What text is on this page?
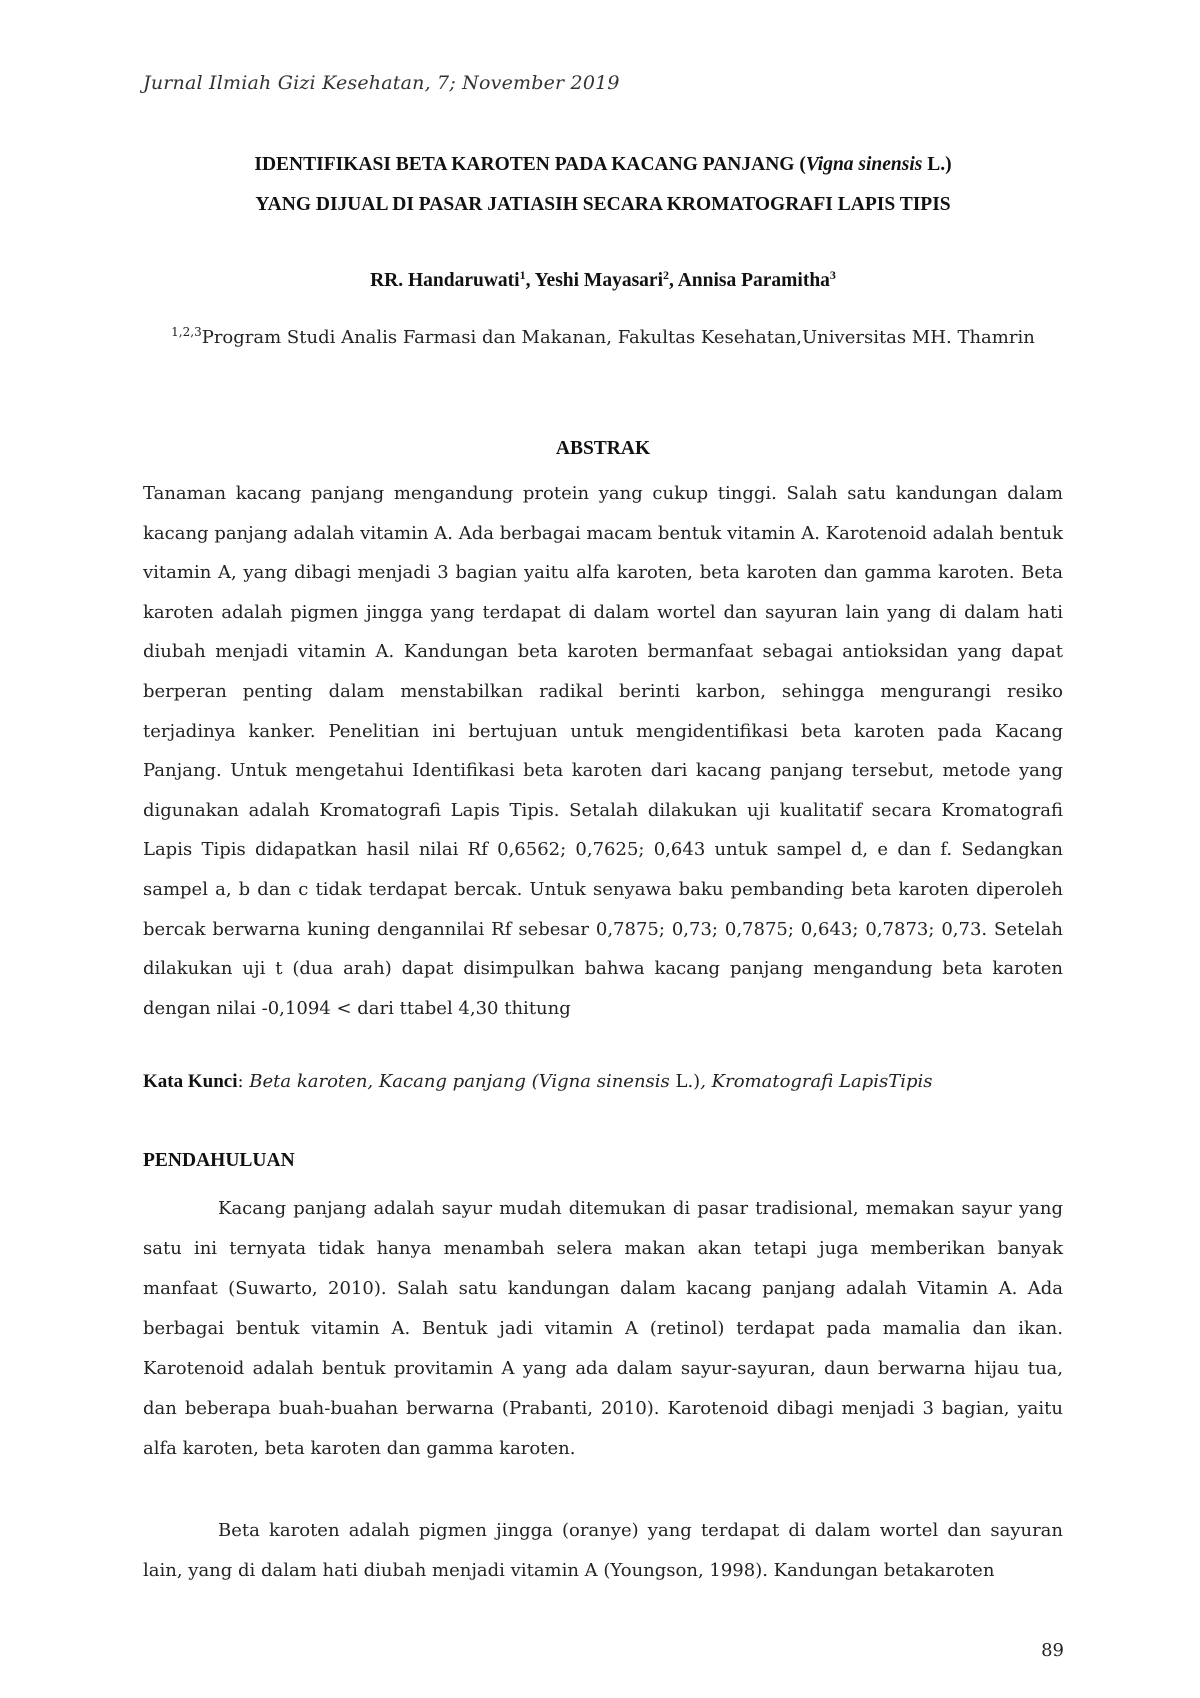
Jurnal Ilmiah Gizi Kesehatan, 7; November 2019
IDENTIFIKASI BETA KAROTEN PADA KACANG PANJANG (Vigna sinensis L.)
YANG DIJUAL DI PASAR JATIASIH SECARA KROMATOGRAFI LAPIS TIPIS
RR. Handaruwati$^1$, Yeshi Mayasari$^2$, Annisa Paramitha$^3$
$^{1,2,3}$Program Studi Analis Farmasi dan Makanan, Fakultas Kesehatan,Universitas MH. Thamrin
ABSTRAK

Tanaman kacang panjang mengandung protein yang cukup tinggi. Salah satu kandungan dalam kacang panjang adalah vitamin A. Ada berbagai macam bentuk vitamin A. Karotenoid adalah bentuk vitamin A, yang dibagi menjadi 3 bagian yaitu alfa karoten, beta karoten dan gamma karoten. Beta karoten adalah pigmen jingga yang terdapat di dalam wortel dan sayuran lain yang di dalam hati diubah menjadi vitamin A. Kandungan beta karoten bermanfaat sebagai antioksidan yang dapat berperan penting dalam menstabilkan radikal berinti karbon, sehingga mengurangi resiko terjadinya kanker. Penelitian ini bertujuan untuk mengidentifikasi beta karoten pada Kacang Panjang. Untuk mengetahui Identifikasi beta karoten dari kacang panjang tersebut, metode yang digunakan adalah Kromatografi Lapis Tipis. Setalah dilakukan uji kualitatif secara Kromatografi Lapis Tipis didapatkan hasil nilai Rf 0,6562; 0,7625; 0,643 untuk sampel d, e dan f. Sedangkan sampel a, b dan c tidak terdapat bercak. Untuk senyawa baku pembanding beta karoten diperoleh bercak berwarna kuning dengannilai Rf sebesar 0,7875; 0,73; 0,7875; 0,643; 0,7873; 0,73. Setelah dilakukan uji t (dua arah) dapat disimpulkan bahwa kacang panjang mengandung beta karoten dengan nilai -0,1094 < dari ttabel 4,30 thitung

Kata Kunci: Beta karoten, Kacang panjang (Vigna sinensis L.), Kromatografi LapisTipis
PENDAHULUAN

Kacang panjang adalah sayur mudah ditemukan di pasar tradisional, memakan sayur yang satu ini ternyata tidak hanya menambah selera makan akan tetapi juga memberikan banyak manfaat (Suwarto, 2010). Salah satu kandungan dalam kacang panjang adalah Vitamin A. Ada berbagai bentuk vitamin A. Bentuk jadi vitamin A (retinol) terdapat pada mamalia dan ikan. Karotenoid adalah bentuk provitamin A yang ada dalam sayur-sayuran, daun berwarna hijau tua, dan beberapa buah-buahan berwarna (Prabanti, 2010). Karotenoid dibagi menjadi 3 bagian, yaitu alfa karoten, beta karoten dan gamma karoten.

Beta karoten adalah pigmen jingga (oranye) yang terdapat di dalam wortel dan sayuran lain, yang di dalam hati diubah menjadi vitamin A (Youngson, 1998). Kandungan betakaroten

89
